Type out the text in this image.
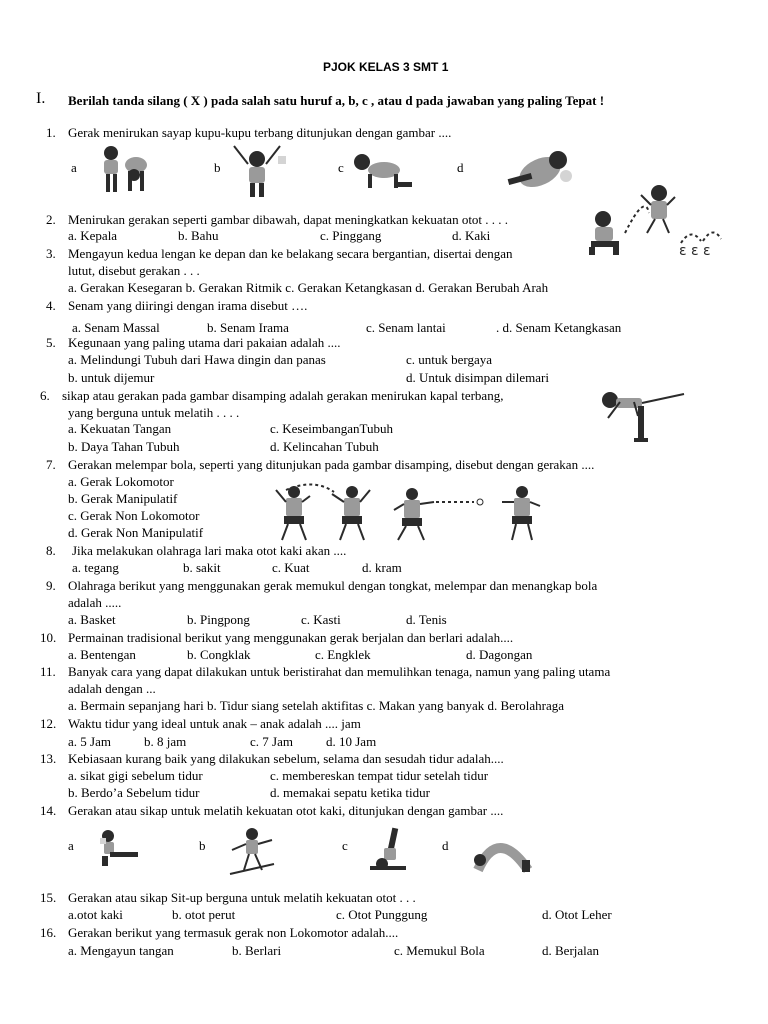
PJOK KELAS 3 SMT 1
I. Berilah tanda silang ( X ) pada salah satu huruf a, b, c , atau d pada jawaban yang paling Tepat !
1. Gerak menirukan sayap kupu-kupu terbang ditunjukan dengan gambar ....
a	b	c	d
2. Menirukan gerakan seperti gambar dibawah, dapat meningkatkan kekuatan otot . . . .
a. Kepala	b. Bahu	c. Pinggang	d. Kaki
ε ε ε
3. Mengayun kedua lengan ke depan dan ke belakang secara bergantian, disertai dengan
lutut, disebut gerakan . . .
a. Gerakan Kesegaran b. Gerakan Ritmik c. Gerakan Ketangkasan d. Gerakan Berubah Arah
4. Senam yang diiringi dengan irama disebut ….
a. Senam Massal	b. Senam Irama	c. Senam lantai	. d. Senam Ketangkasan
5. Kegunaan yang paling utama dari pakaian adalah ....
a. Melindungi Tubuh dari Hawa dingin dan panas	c. untuk bergaya
b. untuk dijemur	d. Untuk disimpan dilemari
6. sikap atau gerakan pada gambar disamping adalah gerakan menirukan kapal terbang,
yang berguna untuk melatih . . . .
a. Kekuatan Tangan	c. KeseimbanganTubuh
b. Daya Tahan Tubuh	d. Kelincahan Tubuh
7. Gerakan melempar bola, seperti yang ditunjukan pada gambar disamping, disebut dengan gerakan ....
a. Gerak Lokomotor
b. Gerak Manipulatif
c. Gerak Non Lokomotor
d. Gerak Non Manipulatif
8. Jika melakukan olahraga lari maka otot kaki akan ....
a. tegang	b. sakit	c. Kuat	d. kram
9. Olahraga berikut yang menggunakan gerak memukul dengan tongkat, melempar dan menangkap bola
adalah .....
a. Basket	b. Pingpong	c. Kasti	d. Tenis
10. Permainan tradisional berikut yang menggunakan gerak berjalan dan berlari adalah....
a. Bentengan	b. Congklak	c. Engklek	d. Dagongan
11. Banyak cara yang dapat dilakukan untuk beristirahat dan memulihkan tenaga, namun yang paling utama
adalah dengan ...
a. Bermain sepanjang hari b. Tidur siang setelah aktifitas c. Makan yang banyak d. Berolahraga
12. Waktu tidur yang ideal untuk anak – anak adalah .... jam
a. 5 Jam	b. 8 jam	c. 7 Jam	d. 10 Jam
13. Kebiasaan kurang baik yang dilakukan sebelum, selama dan sesudah tidur adalah....
a. sikat gigi sebelum tidur	c. membereskan tempat tidur setelah tidur
b. Berdo’a Sebelum tidur	d. memakai sepatu ketika tidur
14. Gerakan atau sikap untuk melatih kekuatan otot kaki, ditunjukan dengan gambar ....
a	b	c	d
15. Gerakan atau sikap Sit-up berguna untuk melatih kekuatan otot . . .
a.otot kaki	b. otot perut	c. Otot Punggung	d. Otot Leher
16. Gerakan berikut yang termasuk gerak non Lokomotor adalah....
a. Mengayun tangan	b. Berlari	c. Memukul Bola	d. Berjalan
